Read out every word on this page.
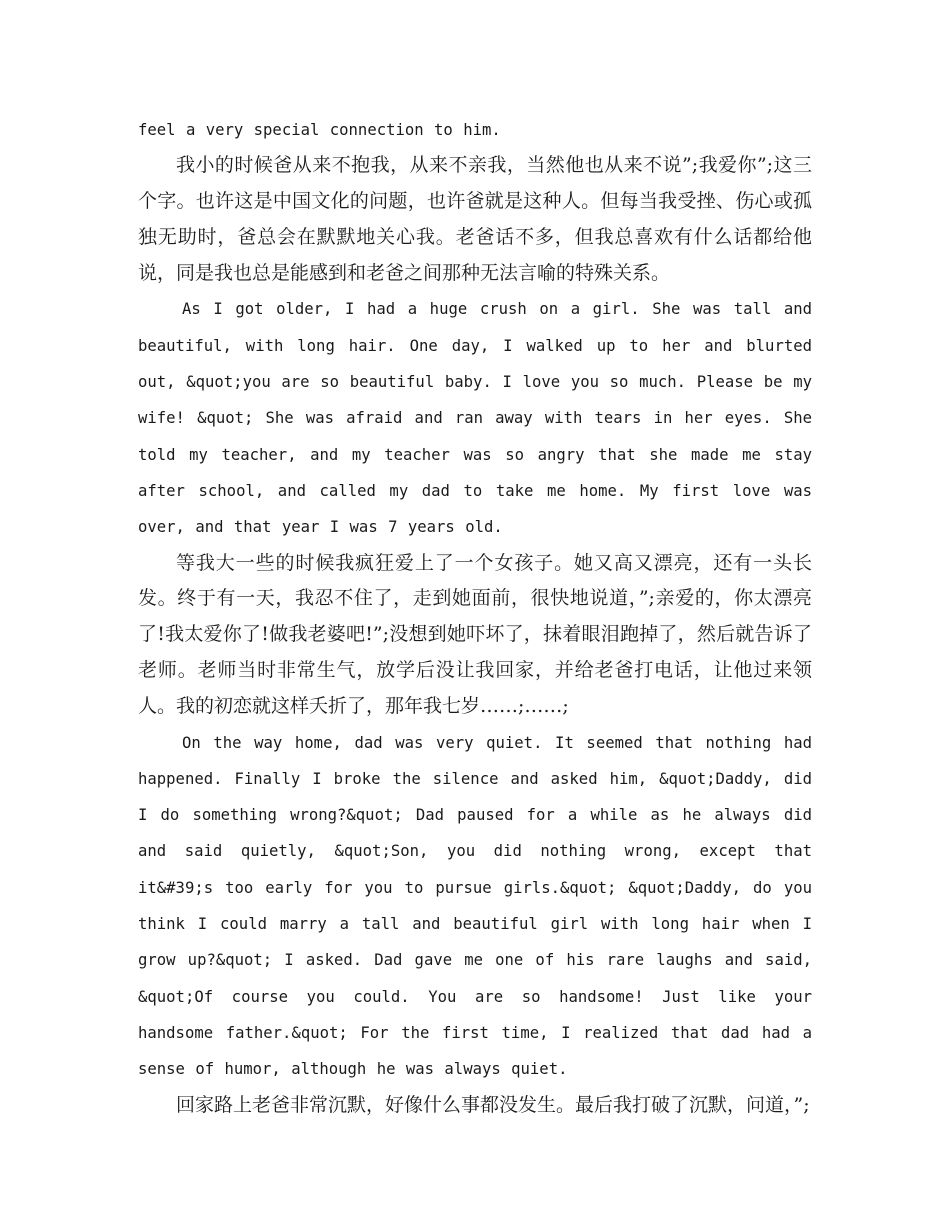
feel a very special connection to him.

我小的时候爸从来不抱我，从来不亲我，当然他也从来不说”;我爱你”;这三个字。也许这是中国文化的问题，也许爸就是这种人。但每当我受挫、伤心或孤独无助时，爸总会在默默地关心我。老爸话不多，但我总喜欢有什么话都给他说，同是我也总是能感到和老爸之间那种无法言喻的特殊关系。

As I got older, I had a huge crush on a girl. She was tall and beautiful, with long hair. One day, I walked up to her and blurted out, &quot;you are so beautiful baby. I love you so much. Please be my wife! &quot; She was afraid and ran away with tears in her eyes. She told my teacher, and my teacher was so angry that she made me stay after school, and called my dad to take me home. My first love was over, and that year I was 7 years old.

等我大一些的时候我疯狂爱上了一个女孩子。她又高又漂亮，还有一头长发。终于有一天，我忍不住了，走到她面前，很快地说道，”;亲爱的，你太漂亮了!我太爱你了!做我老婆吧!”;没想到她吓坏了，抹着眼泪跑掉了，然后就告诉了老师。老师当时非常生气，放学后没让我回家，并给老爸打电话，让他过来领人。我的初恋就这样夭折了，那年我七岁……;……;

On the way home, dad was very quiet. It seemed that nothing had happened. Finally I broke the silence and asked him, &quot;Daddy, did I do something wrong?&quot; Dad paused for a while as he always did and said quietly, &quot;Son, you did nothing wrong, except that it&#39;s too early for you to pursue girls.&quot; &quot;Daddy, do you think I could marry a tall and beautiful girl with long hair when I grow up?&quot; I asked. Dad gave me one of his rare laughs and said, &quot;Of course you could. You are so handsome! Just like your handsome father.&quot; For the first time, I realized that dad had a sense of humor, although he was always quiet.

回家路上老爸非常沉默，好像什么事都没发生。最后我打破了沉默，问道，”;
